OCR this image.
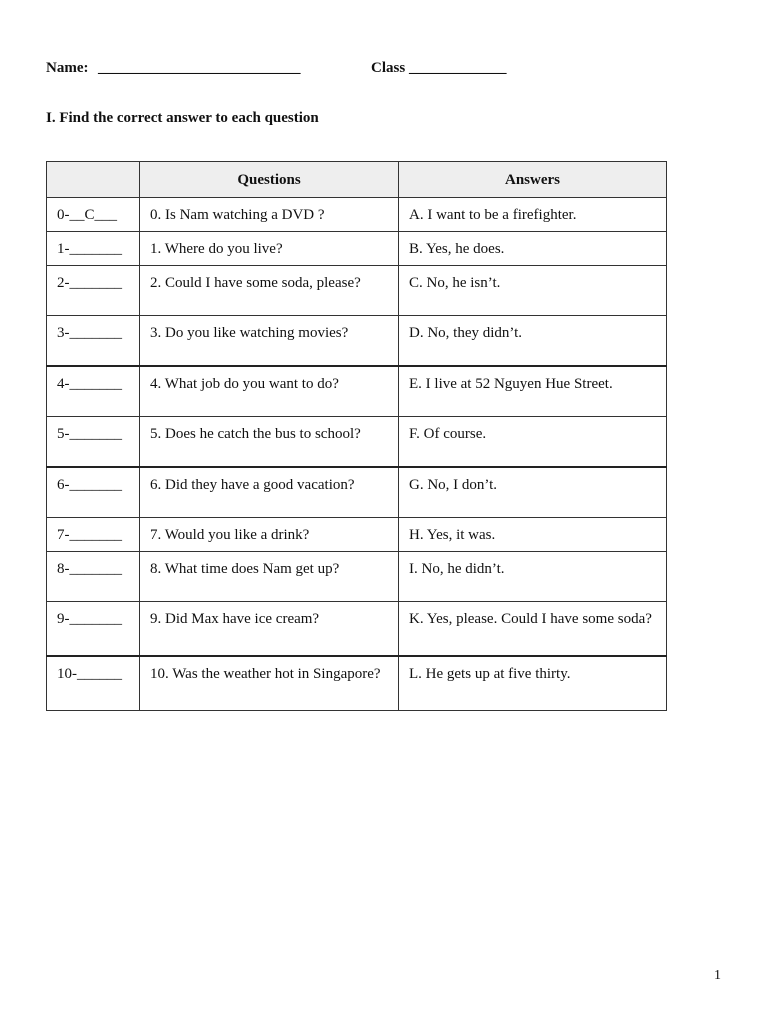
Name: ___________________________	Class _____________
I. Find the correct answer to each question
	Questions	Answers
0-__C___	0. Is Nam watching a DVD ?	A. I want to be a firefighter.
1-_______	1. Where do you live?	B. Yes, he does.
2-_______	2. Could I have some soda, please?	C. No, he isn’t.
3-_______	3. Do you like watching movies?	D. No, they didn’t.
4-_______	4. What job do you want to do?	E. I live at 52 Nguyen Hue Street.
5-_______	5. Does he catch the bus to school?	F. Of course.
6-_______	6. Did they have a good vacation?	G. No, I don’t.
7-_______	7. Would you like a drink?	H. Yes, it was.
8-_______	8. What time does Nam get up?	I. No, he didn’t.
9-_______	9. Did Max have ice cream?	K. Yes, please. Could I have some soda?
10-______	10. Was the weather hot in Singapore?	L. He gets up at five thirty.
1
